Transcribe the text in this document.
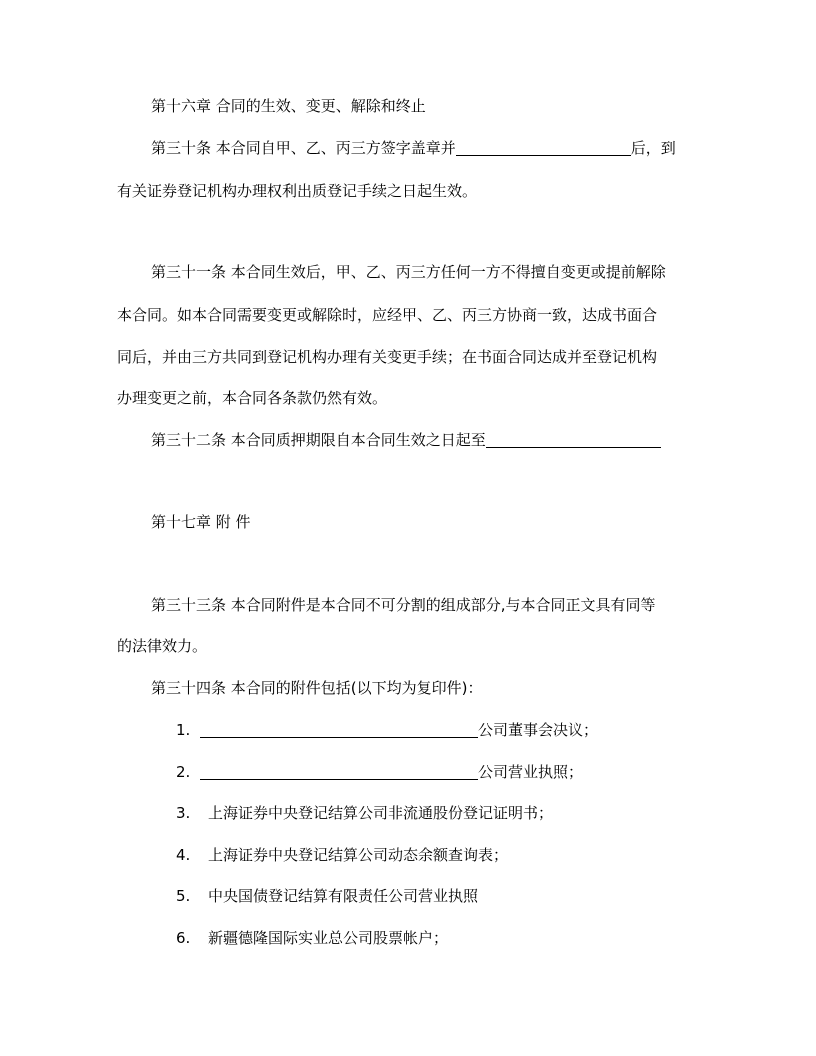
第十六章 合同的生效、变更、解除和终止
第三十条 本合同自甲、乙、丙三方签字盖章并	后，到
有关证券登记机构办理权利出质登记手续之日起生效。
第三十一条 本合同生效后，甲、乙、丙三方任何一方不得擅自变更或提前解除
本合同。如本合同需要变更或解除时，应经甲、乙、丙三方协商一致，达成书面合
同后，并由三方共同到登记机构办理有关变更手续；在书面合同达成并至登记机构
办理变更之前，本合同各条款仍然有效。
第三十二条 本合同质押期限自本合同生效之日起至
第十七章 附 件
第三十三条 本合同附件是本合同不可分割的组成部分,与本合同正文具有同等
的法律效力。
第三十四条 本合同的附件包括(以下均为复印件)：
1.	公司董事会决议；
2.	公司营业执照；
3. 上海证券中央登记结算公司非流通股份登记证明书；
4. 上海证券中央登记结算公司动态余额查询表；
5. 中央国债登记结算有限责任公司营业执照
6. 新疆德隆国际实业总公司股票帐户；
